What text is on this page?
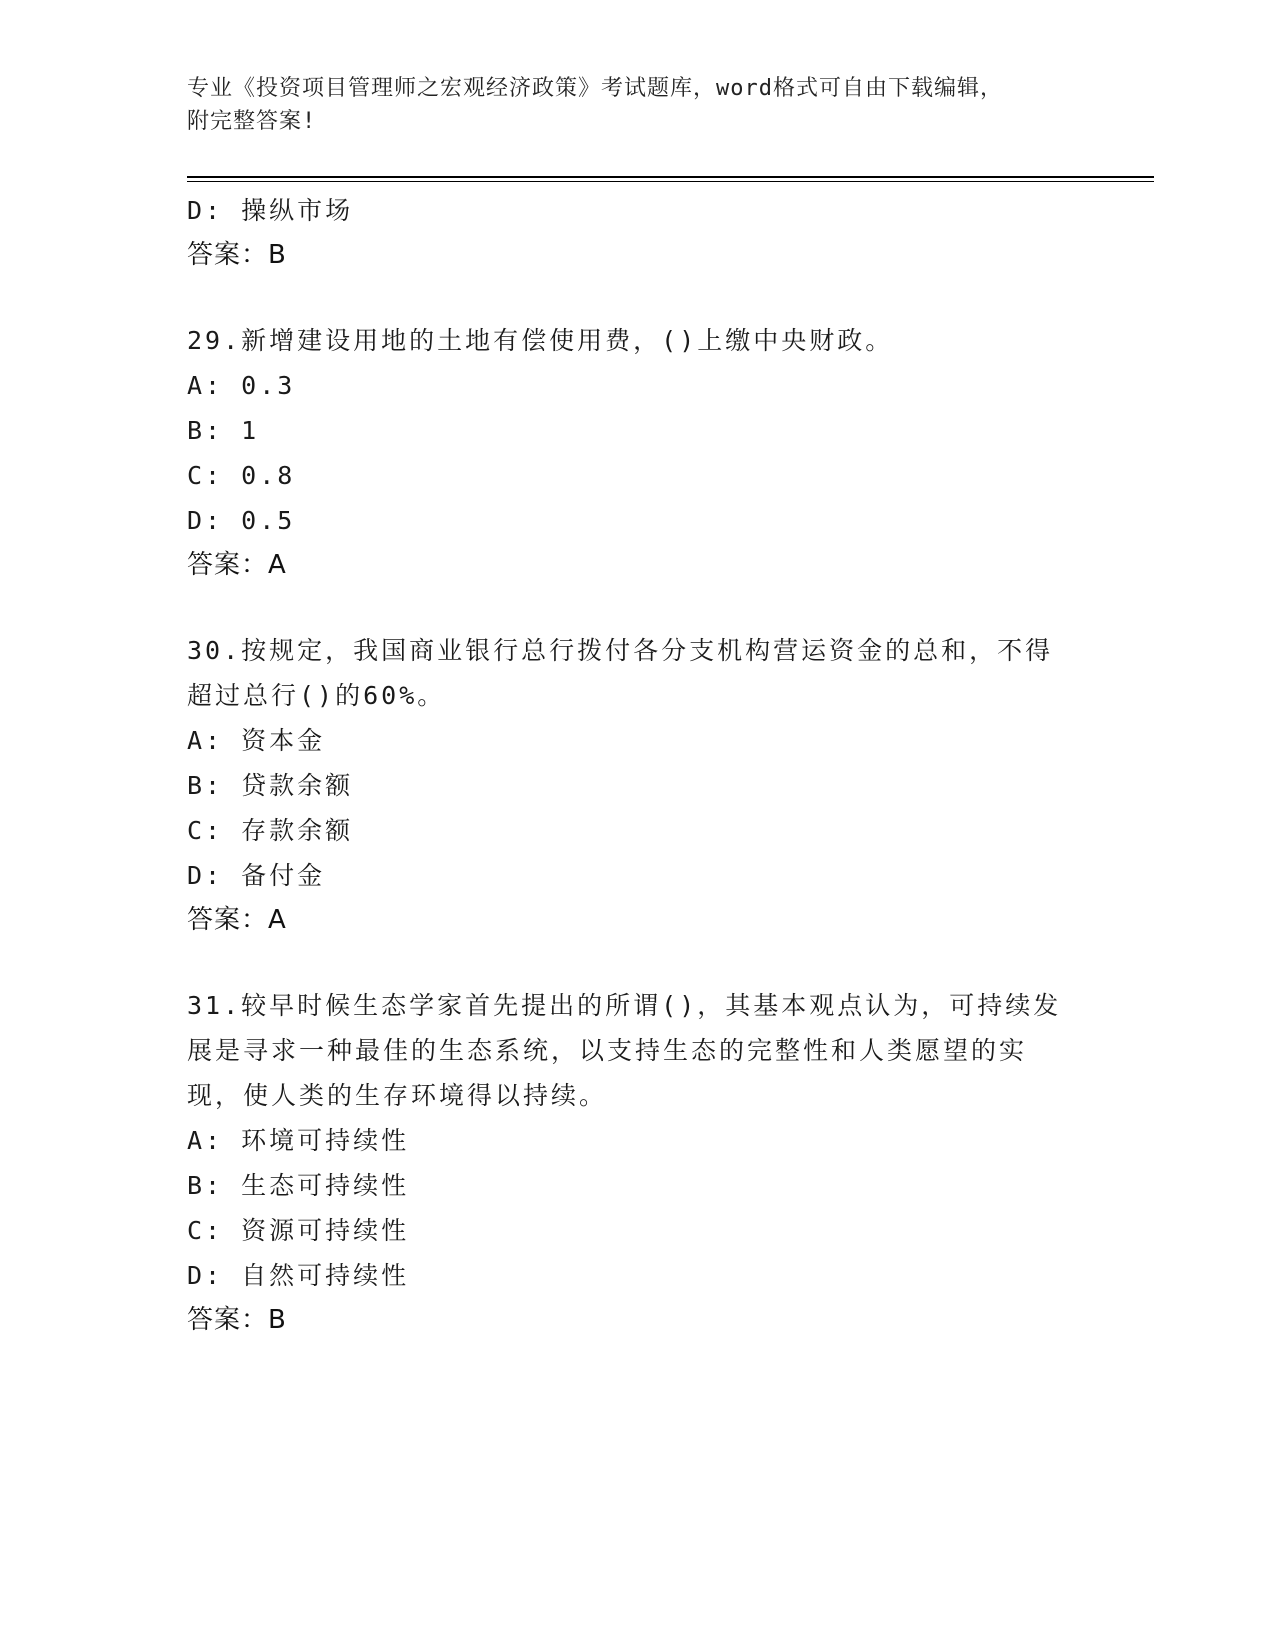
专业《投资项目管理师之宏观经济政策》考试题库，word格式可自由下载编辑，
附完整答案!
D: 操纵市场
答案：B
29.新增建设用地的土地有偿使用费，()上缴中央财政。
A: 0.3
B: 1
C: 0.8
D: 0.5
答案：A
30.按规定，我国商业银行总行拨付各分支机构营运资金的总和，不得
超过总行()的60%。
A: 资本金
B: 贷款余额
C: 存款余额
D: 备付金
答案：A
31.较早时候生态学家首先提出的所谓()，其基本观点认为，可持续发
展是寻求一种最佳的生态系统，以支持生态的完整性和人类愿望的实
现，使人类的生存环境得以持续。
A: 环境可持续性
B: 生态可持续性
C: 资源可持续性
D: 自然可持续性
答案：B
